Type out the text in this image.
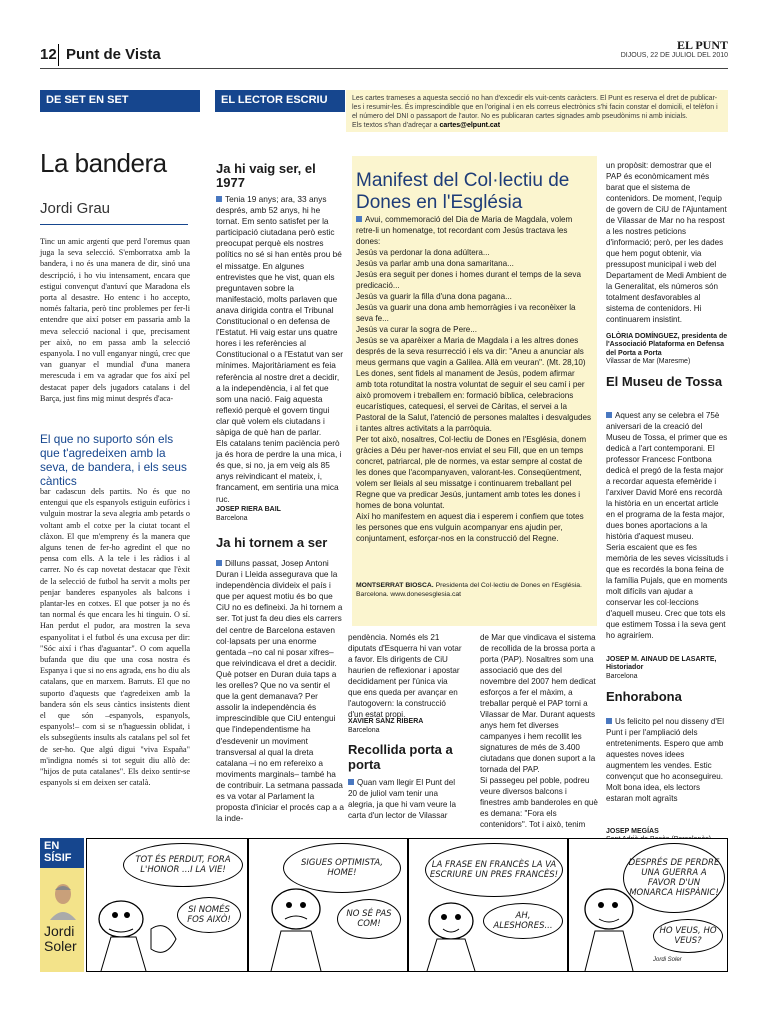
12 Punt de Vista
EL PUNT
DIJOUS, 22 DE JULIOL DEL 2010
DE SET EN SET	EL LECTOR ESCRIU	Les cartes trameses a aquesta secció no han d'excedir els vuit-cents caràcters. El Punt es reserva el dret de publicar-les i resumir-les. És imprescindible que en l'original i en els correus electrònics s'hi facin constar el domicili, el telèfon i el número del DNI o passaport de l'autor. No es publicaran cartes signades amb pseudònims ni amb inicials.
Els textos s'han d'adreçar a cartes@elpunt.cat
La bandera
Jordi Grau

Tinc un amic argentí que perd l'oremus quan juga la seva selecció. S'emborratxa amb la bandera, i no és una manera de dir, sinó una descripció, i ho viu intensament, encara que estigui convençut d'antuví que Maradona els porta al desastre. Ho entenc i ho accepto, només faltaria, però tinc problemes per fer-li entendre que així potser em passaria amb la meva selecció nacional i que, precisament per això, no em passa amb la selecció espanyola. I no vull enganyar ningú, crec que van guanyar el mundial d'una manera merescuda i em va agradar que fos així pel destacat paper dels jugadors catalans i del Barça, just fins mig minut després d'aca-

El que no suporto són els que t'agredeixen amb la seva, de bandera, i els seus càntics

bar cadascun dels partits. No és que no entengui que els espanyols estiguin eufòrics i vulguin mostrar la seva alegria amb petards o voltant amb el cotxe per la ciutat tocant el clàxon. El que m'empreny és la manera que alguns tenen de fer-ho agredint el que no pensa com ells. A la tele i les ràdios i al carrer. No és cap novetat destacar que l'èxit de la selecció de futbol ha servit a molts per penjar banderes espanyoles als balcons i plantar-les en cotxes. El que potser ja no és tan normal és que encara les hi tinguin. O sí. Han perdut el pudor, ara mostren la seva espanyolitat i el futbol és una excusa per dir: "Sóc així i t'has d'aguantar". O com aquella bufanda que diu que una cosa nostra és Espanya i que si no ens agrada, ens ho diu als catalans, que en marxem. Barruts. El que no suporto d'aquests que t'agredeixen amb la bandera són els seus càntics insistents dient el que són –espanyols, espanyols, espanyols!– com si se n'haguessin oblidat, i els subsegüents insults als catalans pel sol fet de ser-ho. Que algú digui "viva España" m'indigna només si tot seguit diu allò de: "hijos de puta catalanes". Els deixo sentir-se espanyols si em deixen ser català.

Ja hi vaig ser, el 1977
Tenia 19 anys; ara, 33 anys després, amb 52 anys, hi he tornat. Em sento satisfet per la participació ciutadana però estic preocupat perquè els nostres polítics no sé si han entès prou bé el missatge. En algunes entrevistes que he vist, quan els preguntaven sobre la manifestació, molts parlaven que anava dirigida contra el Tribunal Constitucional o en defensa de l'Estatut. Hi vaig estar uns quatre hores i les referències al Constitucional o a l'Estatut van ser mínimes. Majoritàriament es feia referència al nostre dret a decidir, a la independència, i al fet que som una nació. Faig aquesta reflexió perquè el govern tingui clar què volem els ciutadans i sàpiga de què han de parlar.
Els catalans tenim paciència però ja és hora de perdre la una mica, i és que, si no, ja em veig als 85 anys reivindicant el mateix, i, francament, em sentiria una mica ruc.
JOSEP RIERA BAIL
Barcelona
Ja hi tornem a ser
Dilluns passat, Josep Antoni Duran i Lleida assegurava que la independència divideix el país i que per aquest motiu és bo que CiU no es defineixi. Ja hi tornem a ser. Tot just fa deu dies els carrers del centre de Barcelona estaven col·lapsats per una enorme gentada –no cal ni posar xifres– que reivindicava el dret a decidir. Què potser en Duran duia taps a les orelles? Que no va sentir el que la gent demanava? Per assolir la independència és imprescindible que CiU entengui que l'independentisme ha d'esdevenir un moviment transversal al qual la dreta catalana –i no em refereixo a moviments marginals– també ha de contribuir. La setmana passada es va votar al Parlament la proposta d'iniciar el procés cap a a la inde-
Manifest del Col·lectiu de Dones en l'Església
Avui, commemoració del Dia de Maria de Magdala, volem retre-li un homenatge, tot recordant com Jesús tractava les dones:
Jesús va perdonar la dona adúltera...
Jesús va parlar amb una dona samaritana...
Jesús era seguit per dones i homes durant el temps de la seva predicació...
Jesús va guarir la filla d'una dona pagana...
Jesús va guarir una dona amb hemorràgies i va reconèixer la seva fe...
Jesús va curar la sogra de Pere...
Jesús se va aparèixer a Maria de Magdala i a les altres dones després de la seva resurrecció i els va dir: "Aneu a anunciar als meus germans que vagin a Galilea. Allà em veuran". (Mt. 28,10)
Les dones, sent fidels al manament de Jesús, podem afirmar amb tota rotunditat la nostra voluntat de seguir el seu camí i per això promovem i treballem en: formació bíblica, celebracions eucarístiques, catequesi, el servei de Càritas, el servei a la Pastoral de la Salut, l'atenció de persones malaltes i desvalgudes i tantes altres activitats a la parròquia.
Per tot això, nosaltres, Col·lectiu de Dones en l'Església, donem gràcies a Déu per haver-nos enviat el seu Fill, que en un temps concret, patriarcal, ple de normes, va estar sempre al costat de les dones que l'acompanyaven, valorant-les. Conseqüentment, volem ser lleials al seu missatge i continuarem treballant pel Regne que va predicar Jesús, juntament amb totes les dones i homes de bona voluntat.
Així ho manifestem en aquest dia i esperem i confiem que totes les persones que ens vulguin acompanyar ens ajudin per, conjuntament, esforçar-nos en la construcció del Regne.
MONTSERRAT BIOSCA. Presidenta del Col·lectiu de Dones en l'Església. Barcelona. www.donesesglesia.cat
pendència. Només els 21 diputats d'Esquerra hi van votar a favor. Els dirigents de CiU haurien de reflexionar i apostar decididament per l'única via que ens queda per avançar en l'autogovern: la construcció d'un estat propi.
XAVIER SANZ RIBERA
Barcelona
Recollida porta a porta
Quan vam llegir El Punt del 20 de juliol vam tenir una alegria, ja que hi vam veure la carta d'un lector de Vilassar
de Mar que vindicava el sistema de recollida de la brossa porta a porta (PAP). Nosaltres som una associació que des del novembre del 2007 hem dedicat esforços a fer el màxim, a treballar perquè el PAP torni a Vilassar de Mar. Durant aquests anys hem fet diverses campanyes i hem recollit les signatures de més de 3.400 ciutadans que donen suport a la tornada del PAP.
Si passegeu pel poble, podreu veure diversos balcons i finestres amb banderoles en què es demana: "Fora els contenidors". Tot i això, tenim
un propòsit: demostrar que el PAP és econòmicament més barat que el sistema de contenidors. De moment, l'equip de govern de CiU de l'Ajuntament de Vilassar de Mar no ha respost a les nostres peticions d'informació; però, per les dades que hem pogut obtenir, via pressupost municipal i web del Departament de Medi Ambient de la Generalitat, els números són totalment desfavorables al sistema de contenidors. Hi continuarem insistint.
GLÒRIA DOMÍNGUEZ, presidenta de l'Associació Plataforma en Defensa del Porta a Porta
Vilassar de Mar (Maresme)
El Museu de Tossa
Aquest any se celebra el 75è aniversari de la creació del Museu de Tossa, el primer que es dedicà a l'art contemporani. El professor Francesc Fontbona dedicà el pregó de la festa major a recordar aquesta efemèride i l'arxiver David Moré ens recordà la història en un encertat article en el programa de la festa major, dues bones aportacions a la història d'aquest museu.
Seria escaient que es fes memòria de les seves vicissituds i que es recordés la bona feina de la família Pujals, que en moments molt difícils van ajudar a conservar les col·leccions d'aquell museu. Crec que tots els que estimem Tossa i la seva gent ho agrairíem.
JOSEP M. AINAUD DE LASARTE,
Historiador
Barcelona
Enhorabona
Us felicito pel nou disseny d'El Punt i per l'ampliació dels entreteniments. Espero que amb aquestes noves idees augmentem les vendes. Estic convençut que ho aconseguireu. Molt bona idea, els lectors estaran molt agraïts
JOSEP MEGÍAS

EN
SÍSIF
Jordi
Soler
TOT ÉS PERDUT, FORA L'HONOR ...I LA VIE!
SI NOMÉS FOS AIXÒ!
SIGUES OPTIMISTA, HOME!
NO SÉ PAS COM!
LA FRASE EN FRANCÈS LA VA ESCRIURE UN PRES FRANCÈS!
AH, ALESHORES...
DESPRÉS DE PERDRE UNA GUERRA A FAVOR D'UN MONARCA HISPÀNIC!
HO VEUS, HO VEUS?
Jordi Soler
